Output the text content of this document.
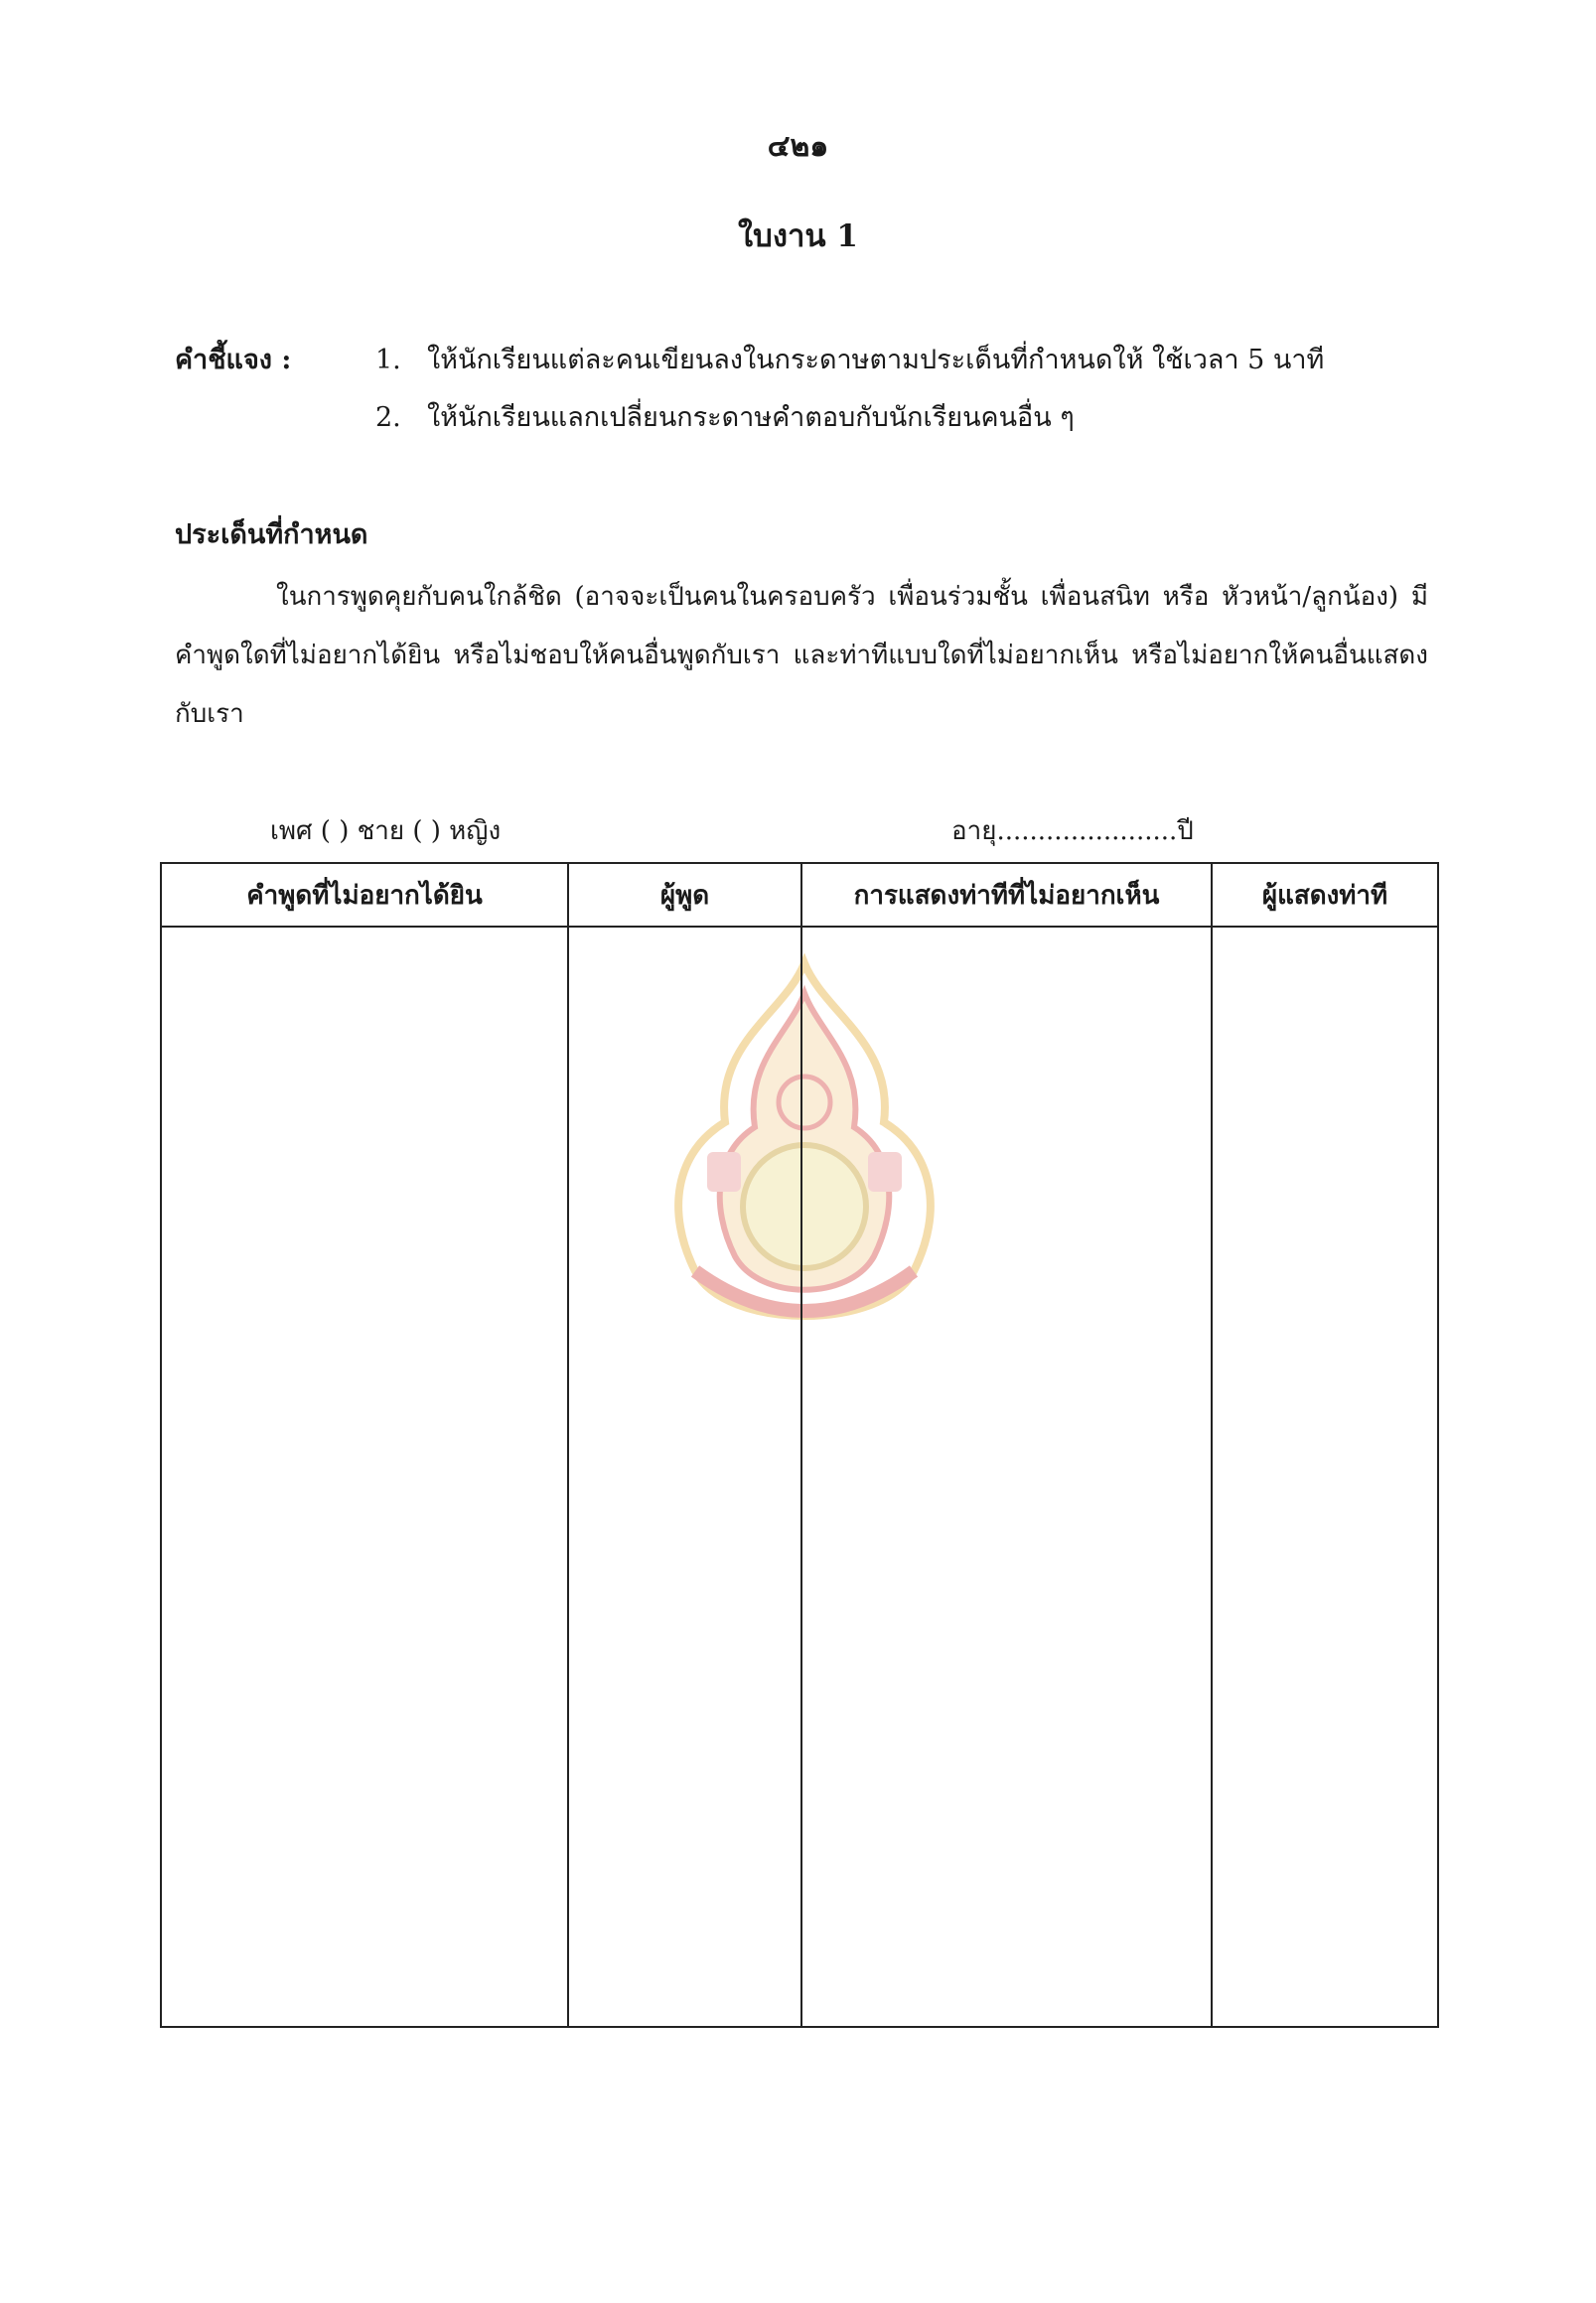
๔๒๑
ใบงาน 1
คำชี้แจง :	1. ให้นักเรียนแต่ละคนเขียนลงในกระดาษตามประเด็นที่กำหนดให้ ใช้เวลา 5 นาที
2. ให้นักเรียนแลกเปลี่ยนกระดาษคำตอบกับนักเรียนคนอื่น ๆ
ประเด็นที่กำหนด

ในการพูดคุยกับคนใกล้ชิด (อาจจะเป็นคนในครอบครัว เพื่อนร่วมชั้น เพื่อนสนิท หรือ หัวหน้า/ลูกน้อง) มีคำพูดใดที่ไม่อยากได้ยิน หรือไม่ชอบให้คนอื่นพูดกับเรา และท่าทีแบบใดที่ไม่อยากเห็น หรือไม่อยากให้คนอื่นแสดงกับเรา

เพศ ( ) ชาย ( ) หญิง	อายุ......................ปี
คำพูดที่ไม่อยากได้ยิน	ผู้พูด	การแสดงท่าทีที่ไม่อยากเห็น	ผู้แสดงท่าที
